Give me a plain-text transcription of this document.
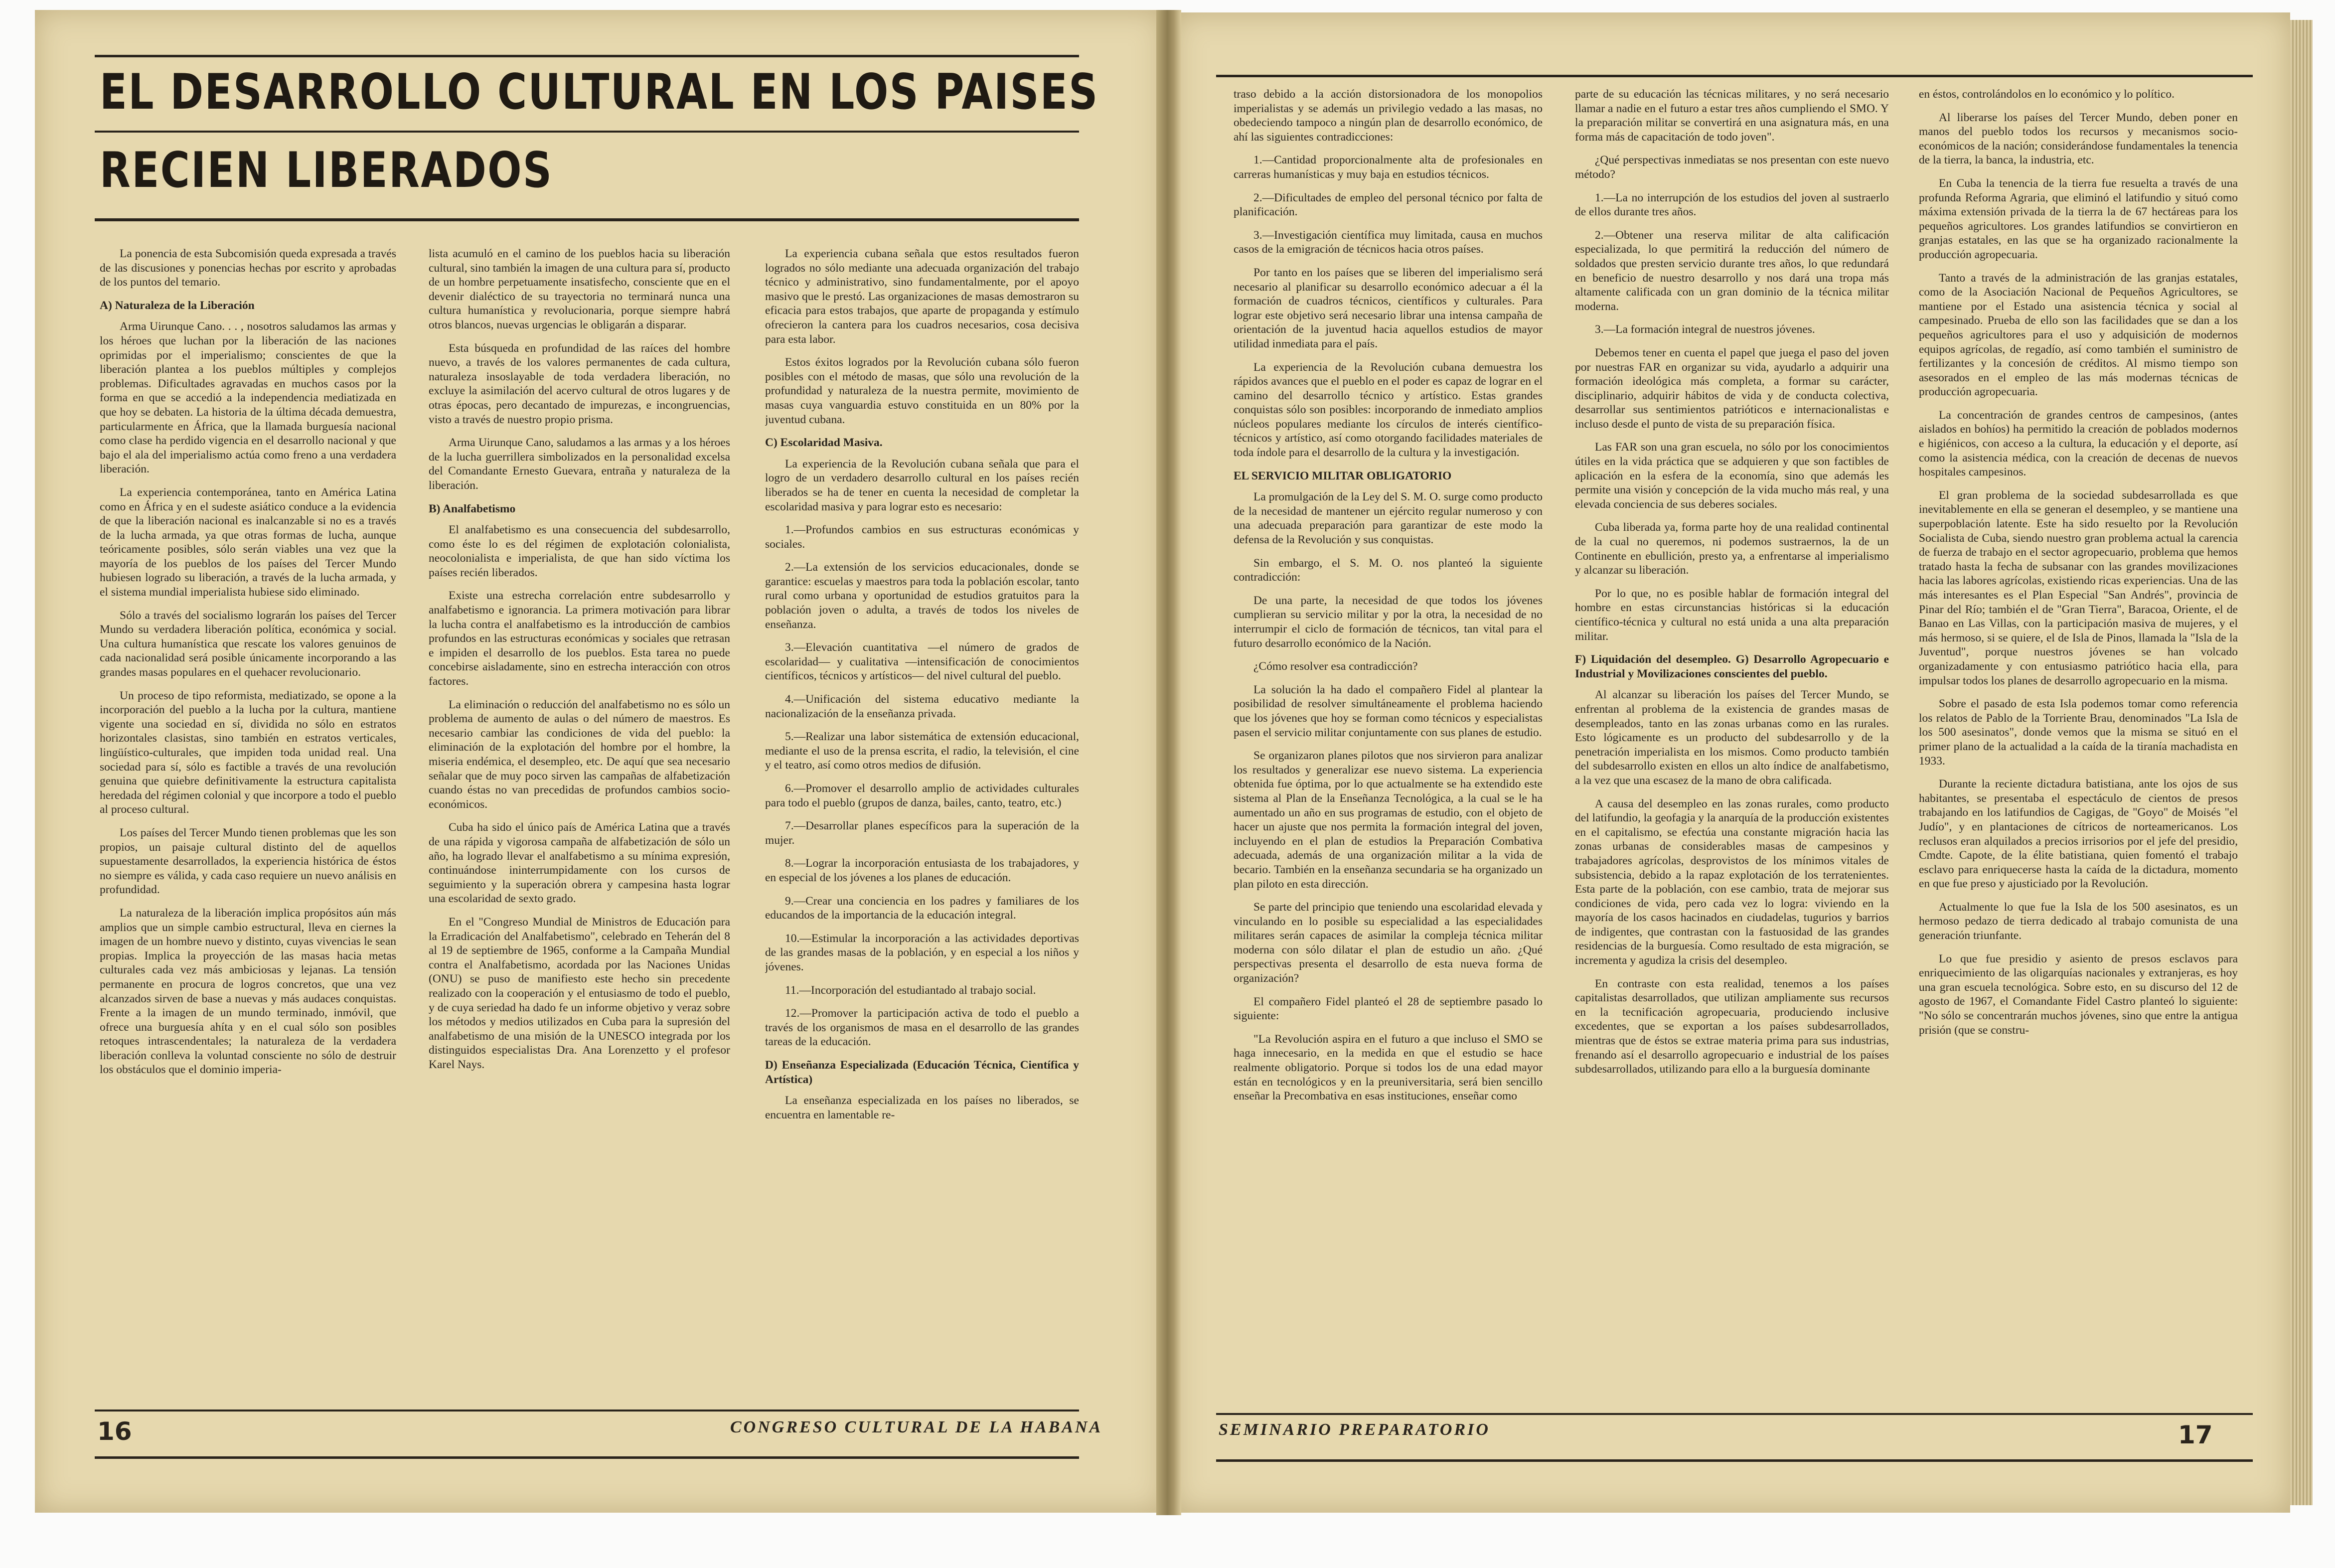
EL DESARROLLO CULTURAL EN LOS PAISES
RECIEN LIBERADOS

La ponencia de esta Subcomisión queda expresada a través de las discusiones y ponencias hechas por escrito y aprobadas de los puntos del temario.

A) Naturaleza de la Liberación

Arma Uirunque Cano. . . , nosotros saludamos las armas y los héroes que luchan por la liberación de las naciones oprimidas por el imperialismo; conscientes de que la liberación plantea a los pueblos múltiples y complejos problemas. Dificultades agravadas en muchos casos por la forma en que se accedió a la independencia mediatizada en que hoy se debaten. La historia de la última década demuestra, particularmente en África, que la llamada burguesía nacional como clase ha perdido vigencia en el desarrollo nacional y que bajo el ala del imperialismo actúa como freno a una verdadera liberación.

La experiencia contemporánea, tanto en América Latina como en África y en el sudeste asiático conduce a la evidencia de que la liberación nacional es inalcanzable si no es a través de la lucha armada, ya que otras formas de lucha, aunque teóricamente posibles, sólo serán viables una vez que la mayoría de los pueblos de los países del Tercer Mundo hubiesen logrado su liberación, a través de la lucha armada, y el sistema mundial imperialista hubiese sido eliminado.

Sólo a través del socialismo lograrán los países del Tercer Mundo su verdadera liberación política, económica y social. Una cultura humanística que rescate los valores genuinos de cada nacionalidad será posible únicamente incorporando a las grandes masas populares en el quehacer revolucionario.

Un proceso de tipo reformista, mediatizado, se opone a la incorporación del pueblo a la lucha por la cultura, mantiene vigente una sociedad en sí, dividida no sólo en estratos horizontales clasistas, sino también en estratos verticales, lingüístico-culturales, que impiden toda unidad real. Una sociedad para sí, sólo es factible a través de una revolución genuina que quiebre definitivamente la estructura capitalista heredada del régimen colonial y que incorpore a todo el pueblo al proceso cultural.

Los países del Tercer Mundo tienen problemas que les son propios, un paisaje cultural distinto del de aquellos supuestamente desarrollados, la experiencia histórica de éstos no siempre es válida, y cada caso requiere un nuevo análisis en profundidad.

La naturaleza de la liberación implica propósitos aún más amplios que un simple cambio estructural, lleva en ciernes la imagen de un hombre nuevo y distinto, cuyas vivencias le sean propias. Implica la proyección de las masas hacia metas culturales cada vez más ambiciosas y lejanas. La tensión permanente en procura de logros concretos, que una vez alcanzados sirven de base a nuevas y más audaces conquistas. Frente a la imagen de un mundo terminado, inmóvil, que ofrece una burguesía ahíta y en el cual sólo son posibles retoques intrascendentales; la naturaleza de la verdadera liberación conlleva la voluntad consciente no sólo de destruir los obstáculos que el dominio imperia-

lista acumuló en el camino de los pueblos hacia su liberación cultural, sino también la imagen de una cultura para sí, producto de un hombre perpetuamente insatisfecho, consciente que en el devenir dialéctico de su trayectoria no terminará nunca una cultura humanística y revolucionaria, porque siempre habrá otros blancos, nuevas urgencias le obligarán a disparar.

Esta búsqueda en profundidad de las raíces del hombre nuevo, a través de los valores permanentes de cada cultura, naturaleza insoslayable de toda verdadera liberación, no excluye la asimilación del acervo cultural de otros lugares y de otras épocas, pero decantado de impurezas, e incongruencias, visto a través de nuestro propio prisma.

Arma Uirunque Cano, saludamos a las armas y a los héroes de la lucha guerrillera simbolizados en la personalidad excelsa del Comandante Ernesto Guevara, entraña y naturaleza de la liberación.

B) Analfabetismo

El analfabetismo es una consecuencia del subdesarrollo, como éste lo es del régimen de explotación colonialista, neocolonialista e imperialista, de que han sido víctima los países recién liberados.

Existe una estrecha correlación entre subdesarrollo y analfabetismo e ignorancia. La primera motivación para librar la lucha contra el analfabetismo es la introducción de cambios profundos en las estructuras económicas y sociales que retrasan e impiden el desarrollo de los pueblos. Esta tarea no puede concebirse aisladamente, sino en estrecha interacción con otros factores.

La eliminación o reducción del analfabetismo no es sólo un problema de aumento de aulas o del número de maestros. Es necesario cambiar las condiciones de vida del pueblo: la eliminación de la explotación del hombre por el hombre, la miseria endémica, el desempleo, etc. De aquí que sea necesario señalar que de muy poco sirven las campañas de alfabetización cuando éstas no van precedidas de profundos cambios socio-económicos.

Cuba ha sido el único país de América Latina que a través de una rápida y vigorosa campaña de alfabetización de sólo un año, ha logrado llevar el analfabetismo a su mínima expresión, continuándose ininterrumpidamente con los cursos de seguimiento y la superación obrera y campesina hasta lograr una escolaridad de sexto grado.

En el "Congreso Mundial de Ministros de Educación para la Erradicación del Analfabetismo", celebrado en Teherán del 8 al 19 de septiembre de 1965, conforme a la Campaña Mundial contra el Analfabetismo, acordada por las Naciones Unidas (ONU) se puso de manifiesto este hecho sin precedente realizado con la cooperación y el entusiasmo de todo el pueblo, y de cuya seriedad ha dado fe un informe objetivo y veraz sobre los métodos y medios utilizados en Cuba para la supresión del analfabetismo de una misión de la UNESCO integrada por los distinguidos especialistas Dra. Ana Lorenzetto y el profesor Karel Nays.

La experiencia cubana señala que estos resultados fueron logrados no sólo mediante una adecuada organización del trabajo técnico y administrativo, sino fundamentalmente, por el apoyo masivo que le prestó. Las organizaciones de masas demostraron su eficacia para estos trabajos, que aparte de propaganda y estímulo ofrecieron la cantera para los cuadros necesarios, cosa decisiva para esta labor.

Estos éxitos logrados por la Revolución cubana sólo fueron posibles con el método de masas, que sólo una revolución de la profundidad y naturaleza de la nuestra permite, movimiento de masas cuya vanguardia estuvo constituida en un 80% por la juventud cubana.

C) Escolaridad Masiva.

La experiencia de la Revolución cubana señala que para el logro de un verdadero desarrollo cultural en los países recién liberados se ha de tener en cuenta la necesidad de completar la escolaridad masiva y para lograr esto es necesario:

1.—Profundos cambios en sus estructuras económicas y sociales.

2.—La extensión de los servicios educacionales, donde se garantice: escuelas y maestros para toda la población escolar, tanto rural como urbana y oportunidad de estudios gratuitos para la población joven o adulta, a través de todos los niveles de enseñanza.

3.—Elevación cuantitativa —el número de grados de escolaridad— y cualitativa —intensificación de conocimientos científicos, técnicos y artísticos— del nivel cultural del pueblo.

4.—Unificación del sistema educativo mediante la nacionalización de la enseñanza privada.

5.—Realizar una labor sistemática de extensión educacional, mediante el uso de la prensa escrita, el radio, la televisión, el cine y el teatro, así como otros medios de difusión.

6.—Promover el desarrollo amplio de actividades culturales para todo el pueblo (grupos de danza, bailes, canto, teatro, etc.)

7.—Desarrollar planes específicos para la superación de la mujer.

8.—Lograr la incorporación entusiasta de los trabajadores, y en especial de los jóvenes a los planes de educación.

9.—Crear una conciencia en los padres y familiares de los educandos de la importancia de la educación integral.

10.—Estimular la incorporación a las actividades deportivas de las grandes masas de la población, y en especial a los niños y jóvenes.

11.—Incorporación del estudiantado al trabajo social.

12.—Promover la participación activa de todo el pueblo a través de los organismos de masa en el desarrollo de las grandes tareas de la educación.

D) Enseñanza Especializada (Educación Técnica, Científica y Artística)

La enseñanza especializada en los países no liberados, se encuentra en lamentable re-

traso debido a la acción distorsionadora de los monopolios imperialistas y se además un privilegio vedado a las masas, no obedeciendo tampoco a ningún plan de desarrollo económico, de ahí las siguientes contradicciones:

1.—Cantidad proporcionalmente alta de profesionales en carreras humanísticas y muy baja en estudios técnicos.

2.—Dificultades de empleo del personal técnico por falta de planificación.

3.—Investigación científica muy limitada, causa en muchos casos de la emigración de técnicos hacia otros países.

Por tanto en los países que se liberen del imperialismo será necesario al planificar su desarrollo económico adecuar a él la formación de cuadros técnicos, científicos y culturales. Para lograr este objetivo será necesario librar una intensa campaña de orientación de la juventud hacia aquellos estudios de mayor utilidad inmediata para el país.

La experiencia de la Revolución cubana demuestra los rápidos avances que el pueblo en el poder es capaz de lograr en el camino del desarrollo técnico y artístico. Estas grandes conquistas sólo son posibles: incorporando de inmediato amplios núcleos populares mediante los círculos de interés científico-técnicos y artístico, así como otorgando facilidades materiales de toda índole para el desarrollo de la cultura y la investigación.

EL SERVICIO MILITAR OBLIGATORIO

La promulgación de la Ley del S. M. O. surge como producto de la necesidad de mantener un ejército regular numeroso y con una adecuada preparación para garantizar de este modo la defensa de la Revolución y sus conquistas.

Sin embargo, el S. M. O. nos planteó la siguiente contradicción:

De una parte, la necesidad de que todos los jóvenes cumplieran su servicio militar y por la otra, la necesidad de no interrumpir el ciclo de formación de técnicos, tan vital para el futuro desarrollo económico de la Nación.

¿Cómo resolver esa contradicción?

La solución la ha dado el compañero Fidel al plantear la posibilidad de resolver simultáneamente el problema haciendo que los jóvenes que hoy se forman como técnicos y especialistas pasen el servicio militar conjuntamente con sus planes de estudio.

Se organizaron planes pilotos que nos sirvieron para analizar los resultados y generalizar ese nuevo sistema. La experiencia obtenida fue óptima, por lo que actualmente se ha extendido este sistema al Plan de la Enseñanza Tecnológica, a la cual se le ha aumentado un año en sus programas de estudio, con el objeto de hacer un ajuste que nos permita la formación integral del joven, incluyendo en el plan de estudios la Preparación Combativa adecuada, además de una organización militar a la vida de becario. También en la enseñanza secundaria se ha organizado un plan piloto en esta dirección.

Se parte del principio que teniendo una escolaridad elevada y vinculando en lo posible su especialidad a las especialidades militares serán capaces de asimilar la compleja técnica militar moderna con sólo dilatar el plan de estudio un año. ¿Qué perspectivas presenta el desarrollo de esta nueva forma de organización?

El compañero Fidel planteó el 28 de septiembre pasado lo siguiente:

"La Revolución aspira en el futuro a que incluso el SMO se haga innecesario, en la medida en que el estudio se hace realmente obligatorio. Porque si todos los de una edad mayor están en tecnológicos y en la preuniversitaria, será bien sencillo enseñar la Precombativa en esas instituciones, enseñar como

parte de su educación las técnicas militares, y no será necesario llamar a nadie en el futuro a estar tres años cumpliendo el SMO. Y la preparación militar se convertirá en una asignatura más, en una forma más de capacitación de todo joven".

¿Qué perspectivas inmediatas se nos presentan con este nuevo método?

1.—La no interrupción de los estudios del joven al sustraerlo de ellos durante tres años.

2.—Obtener una reserva militar de alta calificación especializada, lo que permitirá la reducción del número de soldados que presten servicio durante tres años, lo que redundará en beneficio de nuestro desarrollo y nos dará una tropa más altamente calificada con un gran dominio de la técnica militar moderna.

3.—La formación integral de nuestros jóvenes.

Debemos tener en cuenta el papel que juega el paso del joven por nuestras FAR en organizar su vida, ayudarlo a adquirir una formación ideológica más completa, a formar su carácter, disciplinario, adquirir hábitos de vida y de conducta colectiva, desarrollar sus sentimientos patrióticos e internacionalistas e incluso desde el punto de vista de su preparación física.

Las FAR son una gran escuela, no sólo por los conocimientos útiles en la vida práctica que se adquieren y que son factibles de aplicación en la esfera de la economía, sino que además les permite una visión y concepción de la vida mucho más real, y una elevada conciencia de sus deberes sociales.

Cuba liberada ya, forma parte hoy de una realidad continental de la cual no queremos, ni podemos sustraernos, la de un Continente en ebullición, presto ya, a enfrentarse al imperialismo y alcanzar su liberación.

Por lo que, no es posible hablar de formación integral del hombre en estas circunstancias históricas si la educación científico-técnica y cultural no está unida a una alta preparación militar.

F) Liquidación del desempleo. G) Desarrollo Agropecuario e Industrial y Movilizaciones conscientes del pueblo.

Al alcanzar su liberación los países del Tercer Mundo, se enfrentan al problema de la existencia de grandes masas de desempleados, tanto en las zonas urbanas como en las rurales. Esto lógicamente es un producto del subdesarrollo y de la penetración imperialista en los mismos. Como producto también del subdesarrollo existen en ellos un alto índice de analfabetismo, a la vez que una escasez de la mano de obra calificada.

A causa del desempleo en las zonas rurales, como producto del latifundio, la geofagia y la anarquía de la producción existentes en el capitalismo, se efectúa una constante migración hacia las zonas urbanas de considerables masas de campesinos y trabajadores agrícolas, desprovistos de los mínimos vitales de subsistencia, debido a la rapaz explotación de los terratenientes. Esta parte de la población, con ese cambio, trata de mejorar sus condiciones de vida, pero cada vez lo logra: viviendo en la mayoría de los casos hacinados en ciudadelas, tugurios y barrios de indigentes, que contrastan con la fastuosidad de las grandes residencias de la burguesía. Como resultado de esta migración, se incrementa y agudiza la crisis del desempleo.

En contraste con esta realidad, tenemos a los países capitalistas desarrollados, que utilizan ampliamente sus recursos en la tecnificación agropecuaria, produciendo inclusive excedentes, que se exportan a los países subdesarrollados, mientras que de éstos se extrae materia prima para sus industrias, frenando así el desarrollo agropecuario e industrial de los países subdesarrollados, utilizando para ello a la burguesía dominante

en éstos, controlándolos en lo económico y lo político.

Al liberarse los países del Tercer Mundo, deben poner en manos del pueblo todos los recursos y mecanismos socio-económicos de la nación; considerándose fundamentales la tenencia de la tierra, la banca, la industria, etc.

En Cuba la tenencia de la tierra fue resuelta a través de una profunda Reforma Agraria, que eliminó el latifundio y situó como máxima extensión privada de la tierra la de 67 hectáreas para los pequeños agricultores. Los grandes latifundios se convirtieron en granjas estatales, en las que se ha organizado racionalmente la producción agropecuaria.

Tanto a través de la administración de las granjas estatales, como de la Asociación Nacional de Pequeños Agricultores, se mantiene por el Estado una asistencia técnica y social al campesinado. Prueba de ello son las facilidades que se dan a los pequeños agricultores para el uso y adquisición de modernos equipos agrícolas, de regadío, así como también el suministro de fertilizantes y la concesión de créditos. Al mismo tiempo son asesorados en el empleo de las más modernas técnicas de producción agropecuaria.

La concentración de grandes centros de campesinos, (antes aislados en bohíos) ha permitido la creación de poblados modernos e higiénicos, con acceso a la cultura, la educación y el deporte, así como la asistencia médica, con la creación de decenas de nuevos hospitales campesinos.

El gran problema de la sociedad subdesarrollada es que inevitablemente en ella se generan el desempleo, y se mantiene una superpoblación latente. Este ha sido resuelto por la Revolución Socialista de Cuba, siendo nuestro gran problema actual la carencia de fuerza de trabajo en el sector agropecuario, problema que hemos tratado hasta la fecha de subsanar con las grandes movilizaciones hacia las labores agrícolas, existiendo ricas experiencias. Una de las más interesantes es el Plan Especial "San Andrés", provincia de Pinar del Río; también el de "Gran Tierra", Baracoa, Oriente, el de Banao en Las Villas, con la participación masiva de mujeres, y el más hermoso, si se quiere, el de Isla de Pinos, llamada la "Isla de la Juventud", porque nuestros jóvenes se han volcado organizadamente y con entusiasmo patriótico hacia ella, para impulsar todos los planes de desarrollo agropecuario en la misma.

Sobre el pasado de esta Isla podemos tomar como referencia los relatos de Pablo de la Torriente Brau, denominados "La Isla de los 500 asesinatos", donde vemos que la misma se situó en el primer plano de la actualidad a la caída de la tiranía machadista en 1933.

Durante la reciente dictadura batistiana, ante los ojos de sus habitantes, se presentaba el espectáculo de cientos de presos trabajando en los latifundios de Cagigas, de "Goyo" de Moisés "el Judío", y en plantaciones de cítricos de norteamericanos. Los reclusos eran alquilados a precios irrisorios por el jefe del presidio, Cmdte. Capote, de la élite batistiana, quien fomentó el trabajo esclavo para enriquecerse hasta la caída de la dictadura, momento en que fue preso y ajusticiado por la Revolución.

Actualmente lo que fue la Isla de los 500 asesinatos, es un hermoso pedazo de tierra dedicado al trabajo comunista de una generación triunfante.

Lo que fue presidio y asiento de presos esclavos para enriquecimiento de las oligarquías nacionales y extranjeras, es hoy una gran escuela tecnológica. Sobre esto, en su discurso del 12 de agosto de 1967, el Comandante Fidel Castro planteó lo siguiente: "No sólo se concentrarán muchos jóvenes, sino que entre la antigua prisión (que se constru-

16	CONGRESO CULTURAL DE LA HABANA	SEMINARIO PREPARATORIO	17
